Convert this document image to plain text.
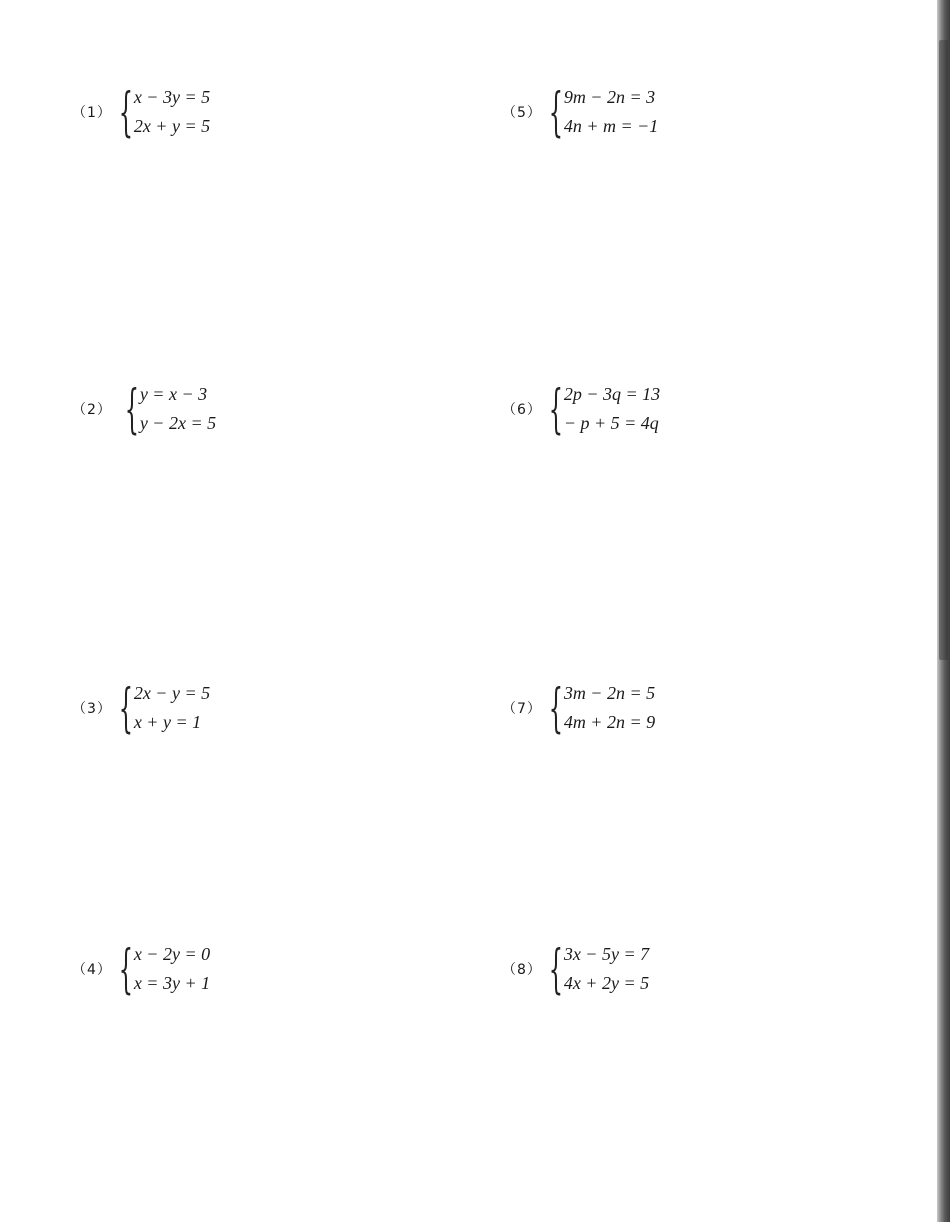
（1） { x − 3y = 5
2x + y = 5
（2） { y = x − 3
y − 2x = 5
（3） { 2x − y = 5
x + y = 1
（4） { x − 2y = 0
x = 3y + 1
（5） { 9m − 2n = 3
4n + m = −1
（6） { 2p − 3q = 13
− p + 5 = 4q
（7） { 3m − 2n = 5
4m + 2n = 9
（8） { 3x − 5y = 7
4x + 2y = 5
